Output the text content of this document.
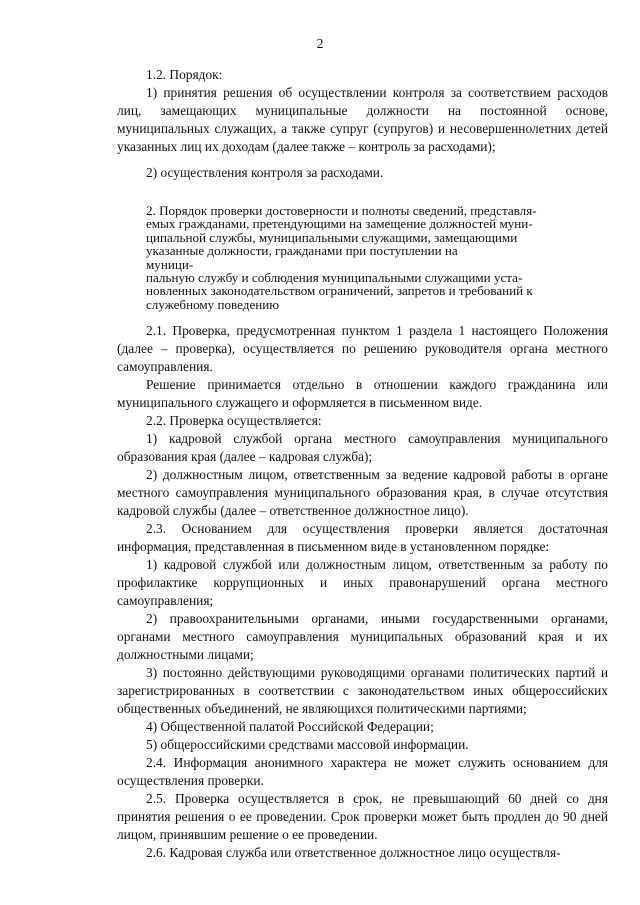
2

1.2. Порядок:

1) принятия решения об осуществлении контроля за соответствием расходов лиц, замещающих муниципальные должности на постоянной основе, муниципальных служащих, а также супруг (супругов) и несовершеннолетних детей указанных лиц их доходам (далее также – контроль за расходами);

2) осуществления контроля за расходами.

2. Порядок проверки достоверности и полноты сведений, представля-
емых гражданами, претендующими на замещение должностей муни-
ципальной службы, муниципальными служащими, замещающими
указанные должности, гражданами при поступлении на
муници-
пальную службу и соблюдения муниципальными служащими уста-
новленных законодательством ограничений, запретов и требований к
служебному поведению

2.1. Проверка, предусмотренная пунктом 1 раздела 1 настоящего Положения (далее – проверка), осуществляется по решению руководителя органа местного самоуправления.

Решение принимается отдельно в отношении каждого гражданина или муниципального служащего и оформляется в письменном виде.

2.2. Проверка осуществляется:

1) кадровой службой органа местного самоуправления муниципального образования края (далее – кадровая служба);

2) должностным лицом, ответственным за ведение кадровой работы в органе местного самоуправления муниципального образования края, в случае отсутствия кадровой службы (далее – ответственное должностное лицо).

2.3. Основанием для осуществления проверки является достаточная информация, представленная в письменном виде в установленном порядке:

1) кадровой службой или должностным лицом, ответственным за работу по профилактике коррупционных и иных правонарушений органа местного самоуправления;

2) правоохранительными органами, иными государственными органами, органами местного самоуправления муниципальных образований края и их должностными лицами;

3) постоянно действующими руководящими органами политических партий и зарегистрированных в соответствии с законодательством иных общероссийских общественных объединений, не являющихся политическими партиями;

4) Общественной палатой Российской Федерации;

5) общероссийскими средствами массовой информации.

2.4. Информация анонимного характера не может служить основанием для осуществления проверки.

2.5. Проверка осуществляется в срок, не превышающий 60 дней со дня принятия решения о ее проведении. Срок проверки может быть продлен до 90 дней лицом, принявшим решение о ее проведении.

2.6. Кадровая служба или ответственное должностное лицо осуществля-
